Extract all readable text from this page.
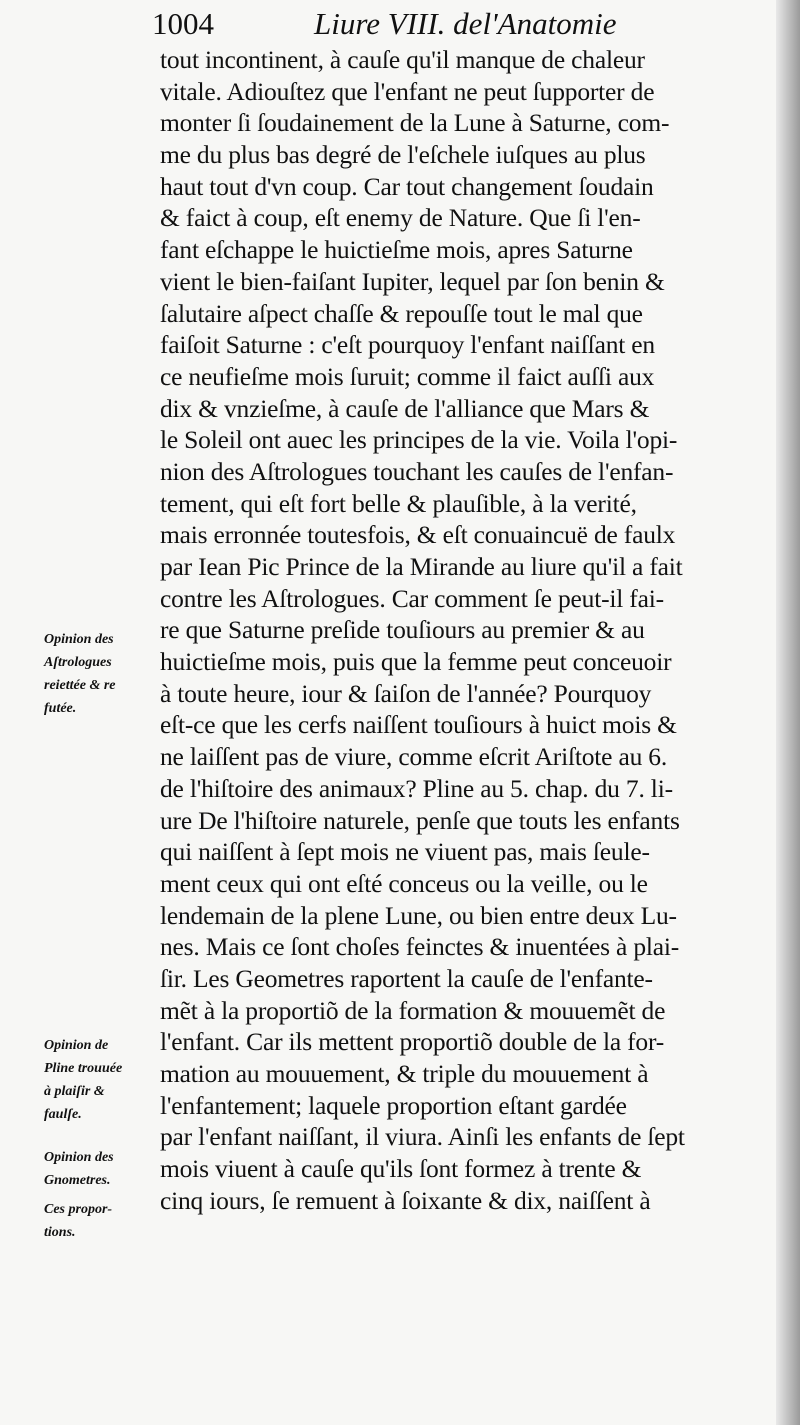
1004	Liure VIII. del'Anatomie
tout incontinent, à cauſe qu'il manque de chaleur
vitale. Adiouſtez que l'enfant ne peut ſupporter de
monter ſi ſoudainement de la Lune à Saturne, com-
me du plus bas degré de l'eſchele iuſques au plus
haut tout d'vn coup. Car tout changement ſoudain
& faict à coup, eſt enemy de Nature. Que ſi l'en-
fant eſchappe le huictieſme mois, apres Saturne
vient le bien-faiſant Iupiter, lequel par ſon benin &
ſalutaire aſpect chaſſe & repouſſe tout le mal que
faiſoit Saturne : c'eſt pourquoy l'enfant naiſſant en
ce neufieſme mois ſuruit; comme il faict auſſi aux
dix & vnzieſme, à cauſe de l'alliance que Mars &
le Soleil ont auec les principes de la vie. Voila l'opi-
nion des Aſtrologues touchant les cauſes de l'enfan-
tement, qui eſt fort belle & plauſible, à la verité,
mais erronnée toutesfois, & eſt conuaincuë de faulx
par Iean Pic Prince de la Mirande au liure qu'il a fait
contre les Aſtrologues. Car comment ſe peut-il fai-
re que Saturne preſide touſiours au premier & au
huictieſme mois, puis que la femme peut conceuoir
à toute heure, iour & ſaiſon de l'année? Pourquoy
eſt-ce que les cerfs naiſſent touſiours à huict mois &
ne laiſſent pas de viure, comme eſcrit Ariſtote au 6.
de l'hiſtoire des animaux? Pline au 5. chap. du 7. li-
ure De l'hiſtoire naturele, penſe que touts les enfants
qui naiſſent à ſept mois ne viuent pas, mais ſeule-
ment ceux qui ont eſté conceus ou la veille, ou le
lendemain de la plene Lune, ou bien entre deux Lu-
nes. Mais ce ſont choſes feinctes & inuentées à plai-
ſir. Les Geometres raportent la cauſe de l'enfante-
mẽt à la proportiõ de la formation & mouuemẽt de
l'enfant. Car ils mettent proportiõ double de la for-
mation au mouuement, & triple du mouuement à
l'enfantement; laquele proportion eſtant gardée
par l'enfant naiſſant, il viura. Ainſi les enfants de ſept
mois viuent à cauſe qu'ils ſont formez à trente &
cinq iours, ſe remuent à ſoixante & dix, naiſſent à
Opinion des
Aſtrologues
reiettée & re
futée.
Opinion de
Pline trouuée
à plaiſir &
faulſe.
Opinion des
Gnometres.
Ces propor-
tions.
